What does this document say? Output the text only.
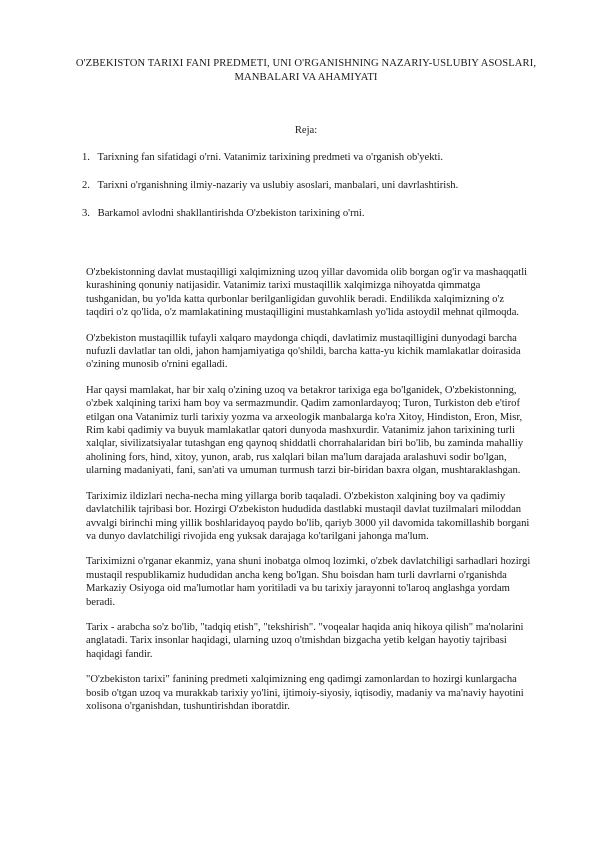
O'ZBEKISTON TARIXI FANI PREDMETI, UNI O'RGANISHNING NAZARIY-USLUBIY ASOSLARI, MANBALARI VA AHAMIYATI
Reja:
1. Tarixning fan sifatidagi o'rni. Vatanimiz tarixining predmeti va o'rganish ob'yekti.
2. Tarixni o'rganishning ilmiy-nazariy va uslubiy asoslari, manbalari, uni davrlashtirish.
3. Barkamol avlodni shakllantirishda O'zbekiston tarixining o'rni.

O'zbekistonning davlat mustaqilligi xalqimizning uzoq yillar davomida olib borgan og'ir va mashaqqatli kurashining qonuniy natijasidir. Vatanimiz tarixi mustaqillik xalqimizga nihoyatda qimmatga tushganidan, bu yo'lda katta qurbonlar berilganligidan guvohlik beradi. Endilikda xalqimizning o'z taqdiri o'z qo'lida, o'z mamlakatining mustaqilligini mustahkamlash yo'lida astoydil mehnat qilmoqda.

O'zbekiston mustaqillik tufayli xalqaro maydonga chiqdi, davlatimiz mustaqilligini dunyodagi barcha nufuzli davlatlar tan oldi, jahon hamjamiyatiga qo'shildi, barcha katta-yu kichik mamlakatlar doirasida o'zining munosib o'rnini egalladi.

Har qaysi mamlakat, har bir xalq o'zining uzoq va betakror tarixiga ega bo'lganidek, O'zbekistonning, o'zbek xalqining tarixi ham boy va sermazmundir. Qadim zamonlardayoq; Turon, Turkiston deb e'tirof etilgan ona Vatanimiz turli tarixiy yozma va arxeologik manbalarga ko'ra Xitoy, Hindiston, Eron, Misr, Rim kabi qadimiy va buyuk mamlakatlar qatori dunyoda mashxurdir. Vatanimiz jahon tarixining turli xalqlar, sivilizatsiyalar tutashgan eng qaynoq shiddatli chorrahalaridan biri bo'lib, bu zaminda mahalliy aholining fors, hind, xitoy, yunon, arab, rus xalqlari bilan ma'lum darajada aralashuvi sodir bo'lgan, ularning madaniyati, fani, san'ati va umuman turmush tarzi bir-biridan baxra olgan, mushtaraklashgan.

Tariximiz ildizlari necha-necha ming yillarga borib taqaladi. O'zbekiston xalqining boy va qadimiy davlatchilik tajribasi bor. Hozirgi O'zbekiston hududida dastlabki mustaqil davlat tuzilmalari miloddan avvalgi birinchi ming yillik boshlaridayoq paydo bo'lib, qariyb 3000 yil davomida takomillashib borgani va dunyo davlatchiligi rivojida eng yuksak darajaga ko'tarilgani jahonga ma'lum.

Tariximizni o'rganar ekanmiz, yana shuni inobatga olmoq lozimki, o'zbek davlatchiligi sarhadlari hozirgi mustaqil respublikamiz hududidan ancha keng bo'lgan. Shu boisdan ham turli davrlarni o'rganishda Markaziy Osiyoga oid ma'lumotlar ham yoritiladi va bu tarixiy jarayonni to'laroq anglashga yordam beradi.

Tarix - arabcha so'z bo'lib, "tadqiq etish", "tekshirish". "voqealar haqida aniq hikoya qilish" ma'nolarini anglatadi. Tarix insonlar haqidagi, ularning uzoq o'tmishdan bizgacha yetib kelgan hayotiy tajribasi haqidagi fandir.

"O'zbekiston tarixi" fanining predmeti xalqimizning eng qadimgi zamonlardan to hozirgi kunlargacha bosib o'tgan uzoq va murakkab tarixiy yo'lini, ijtimoiy-siyosiy, iqtisodiy, madaniy va ma'naviy hayotini xolisona o'rganishdan, tushuntirishdan iboratdir.
